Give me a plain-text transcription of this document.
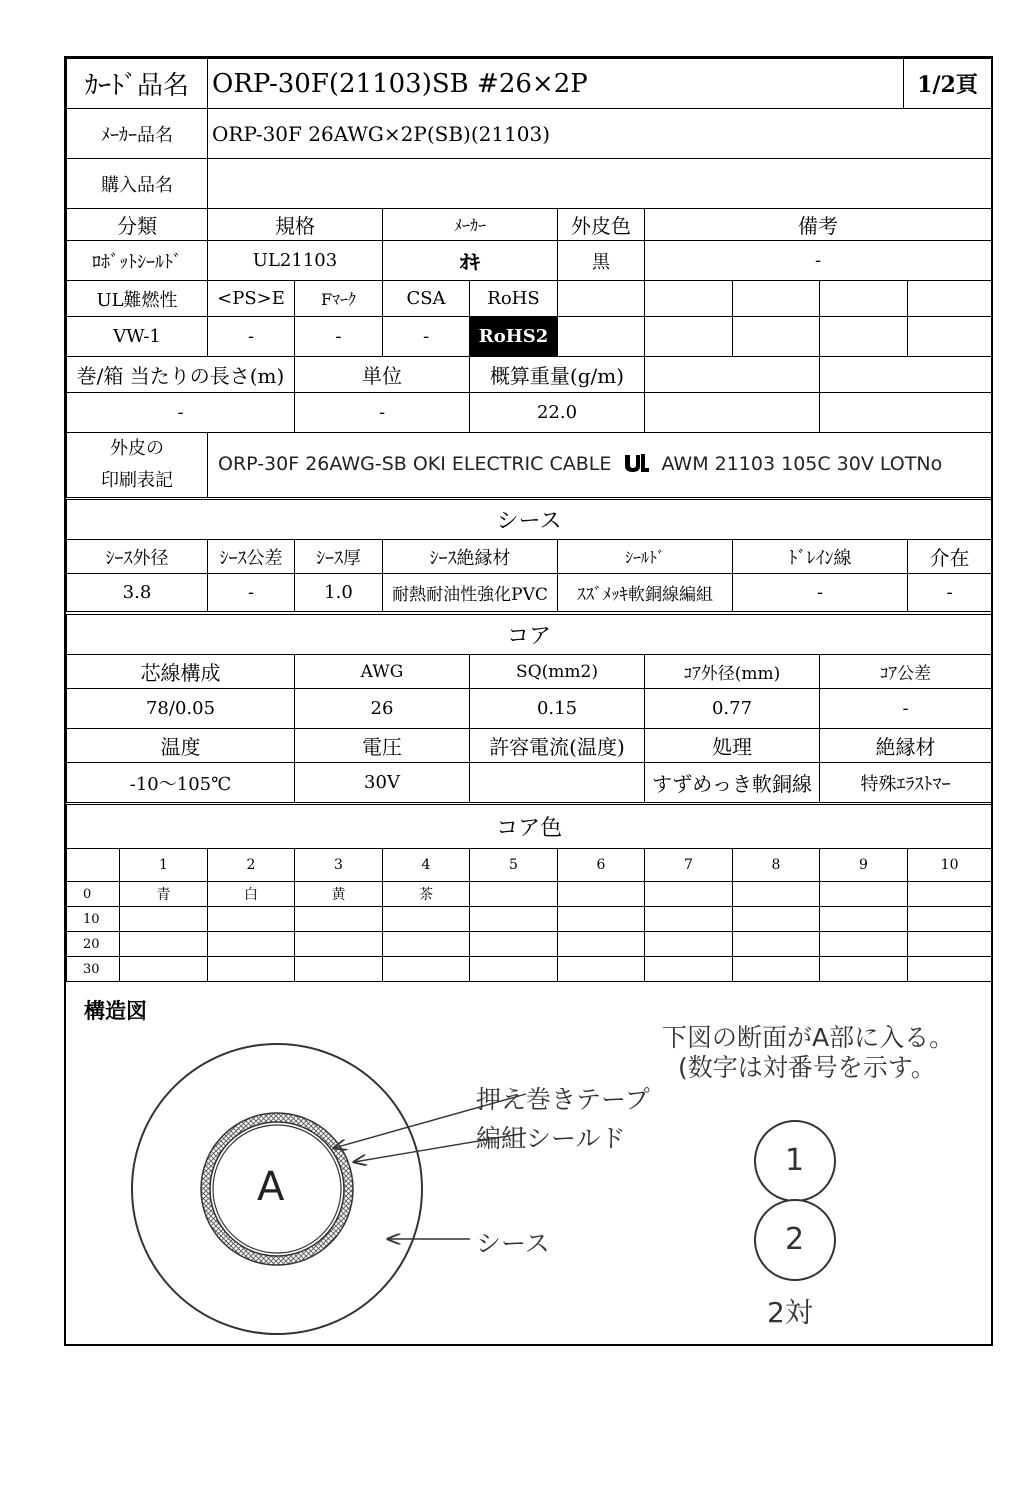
ｶｰﾄﾞ品名	ORP-30F(21103)SB #26×2P	1/2頁
ﾒｰｶｰ品名	ORP-30F 26AWG×2P(SB)(21103)
購入品名	
分類	規格	ﾒｰｶｰ	外皮色	備考
ﾛﾎﾞｯﾄｼｰﾙﾄﾞ	UL21103	ｵｷ	黒	-
UL難燃性	<PS>E	Fﾏｰｸ	CSA	RoHS					
VW-1	-	-	-	RoHS2					
巻/箱 当たりの長さ(m)	単位	概算重量(g/m)		
-	-	22.0		
外皮の
印刷表記
	ORP-30F 26AWG-SB OKI ELECTRIC CABLE	AWM 21103 105C 30V LOTNo
シース						
ｼｰｽ外径	ｼｰｽ公差	ｼｰｽ厚	ｼｰｽ絶縁材	ｼｰﾙﾄﾞ	ﾄﾞﾚｲﾝ線	介在
3.8	-	1.0	耐熱耐油性強化PVC	ｽｽﾞﾒｯｷ軟銅線編組	-	-
コア				
芯線構成	AWG	SQ(mm2)	ｺｱ外径(mm)	ｺｱ公差
78/0.05	26	0.15	0.77	-
温度	電圧	許容電流(温度)	処理	絶縁材
-10～105℃	30V		すずめっき軟銅線	特殊ｴﾗｽﾄﾏｰ
コア色										
	1	2	3	4	5	6	7	8	9	10
0	青	白	黄	茶						
10										
20										
30										
構造図
下図の断面がA部に入る。
(数字は対番号を示す。
A
押え巻きテープ
編組シールド
シース
1
2
2対
